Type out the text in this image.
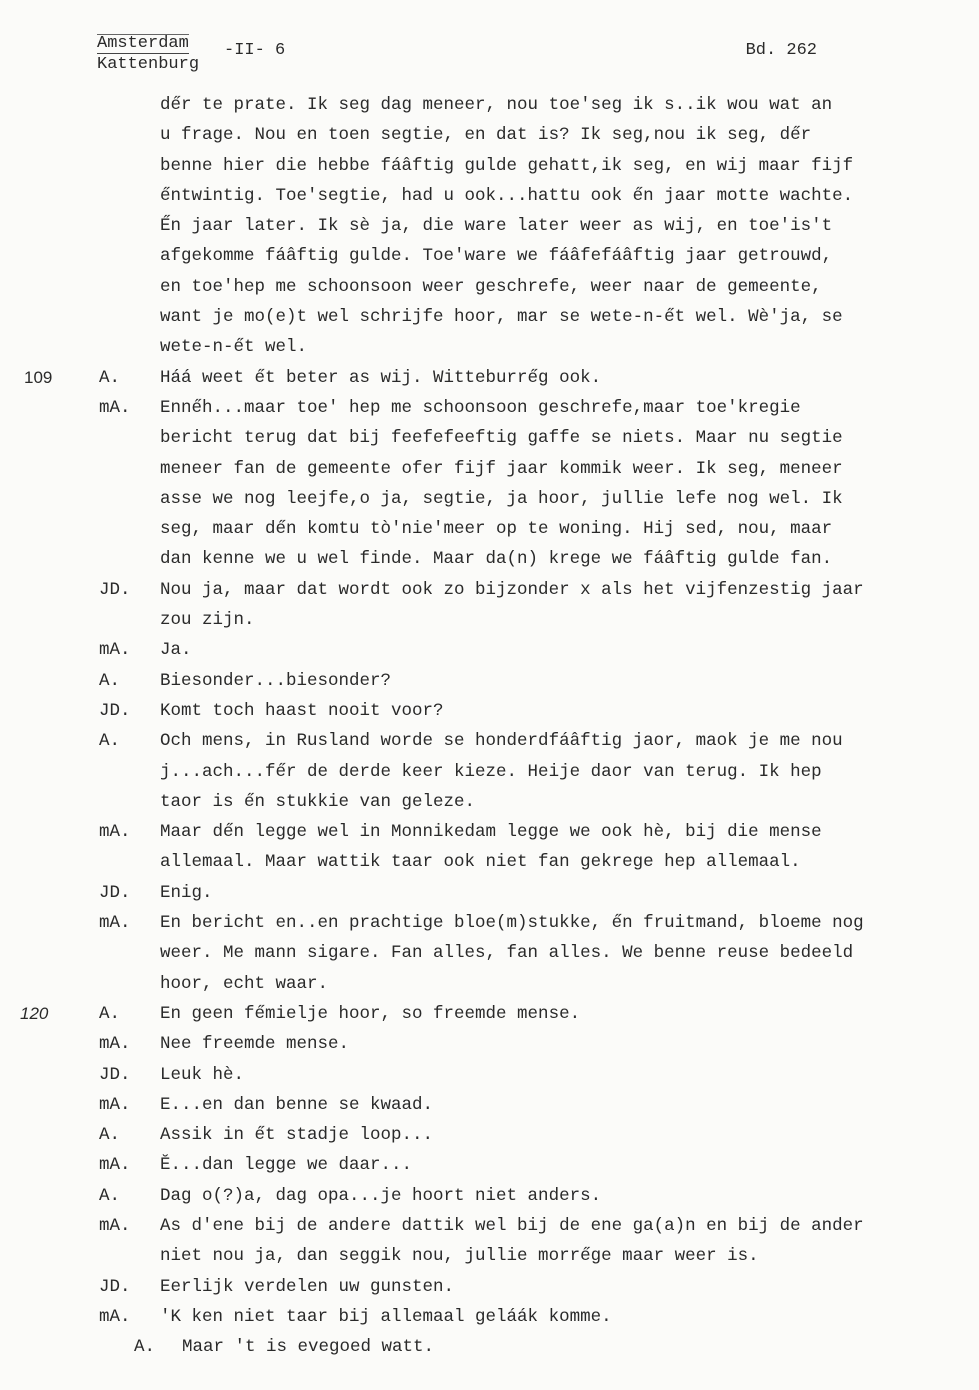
Amsterdam
Kattenburg
-II- 6	Bd. 262
de̋r te prate. Ik seg dag meneer, nou toe'seg ik s..ik wou wat an
u frage. Nou en toen segtie, en dat is? Ik seg,nou ik seg, de̋r
benne hier die hebbe fáâftig gulde gehatt,ik seg, en wij maar fijf
e̋ntwintig. Toe'segtie, had u ook...hattu ook e̋n jaar motte wachte.
E̋n jaar later. Ik sè ja, die ware later weer as wij, en toe'is't
afgekomme fáâftig gulde. Toe'ware we fáâfefáâftig jaar getrouwd,
en toe'hep me schoonsoon weer geschrefe, weer naar de gemeente,
want je mo(e)t wel schrijfe hoor, mar se wete-n-e̋t wel. Wè'ja, se
wete-n-e̋t wel.
109	A. Háá weet e̋t beter as wij. Witteburre̋g ook.
mA. Enne̋h...maar toe' hep me schoonsoon geschrefe,maar toe'kregie
bericht terug dat bij feefefeeftig gaffe se niets. Maar nu segtie
meneer fan de gemeente ofer fijf jaar kommik weer. Ik seg, meneer
asse we nog leejfe,o ja, segtie, ja hoor, jullie lefe nog wel. Ik
seg, maar de̋n komtu tò'nie'meer op te woning. Hij sed, nou, maar
dan kenne we u wel finde. Maar da(n) krege we fáâftig gulde fan.
JD. Nou ja, maar dat wordt ook zo bijzonder x als het vijfenzestig jaar
zou zijn.
mA. Ja.
A. Biesonder...biesonder?
JD. Komt toch haast nooit voor?
A. Och mens, in Rusland worde se honderdfáâftig jaor, maok je me nou
j...ach...fe̋r de derde keer kieze. Heije daor van terug. Ik hep
taor is e̋n stukkie van geleze.
mA. Maar de̋n legge wel in Monnikedam legge we ook hè, bij die mense
allemaal. Maar wattik taar ook niet fan gekrege hep allemaal.
JD. Enig.
mA. En bericht en..en prachtige bloe(m)stukke, e̋n fruitmand, bloeme nog
weer. Me mann sigare. Fan alles, fan alles. We benne reuse bedeeld
hoor, echt waar.
120	A. En geen fe̋mielje hoor, so freemde mense.
mA. Nee freemde mense.
JD. Leuk hè.
mA. E...en dan benne se kwaad.
A. Assik in e̋t stadje loop...
mA. Ĕ...dan legge we daar...
A. Dag o(?)a, dag opa...je hoort niet anders.
mA. As d'ene bij de andere dattik wel bij de ene ga(a)n en bij de ander
niet nou ja, dan seggik nou, jullie morre̋ge maar weer is.
JD. Eerlijk verdelen uw gunsten.
mA. 'K ken niet taar bij allemaal geláák komme.
A. Maar 't is evegoed watt.
